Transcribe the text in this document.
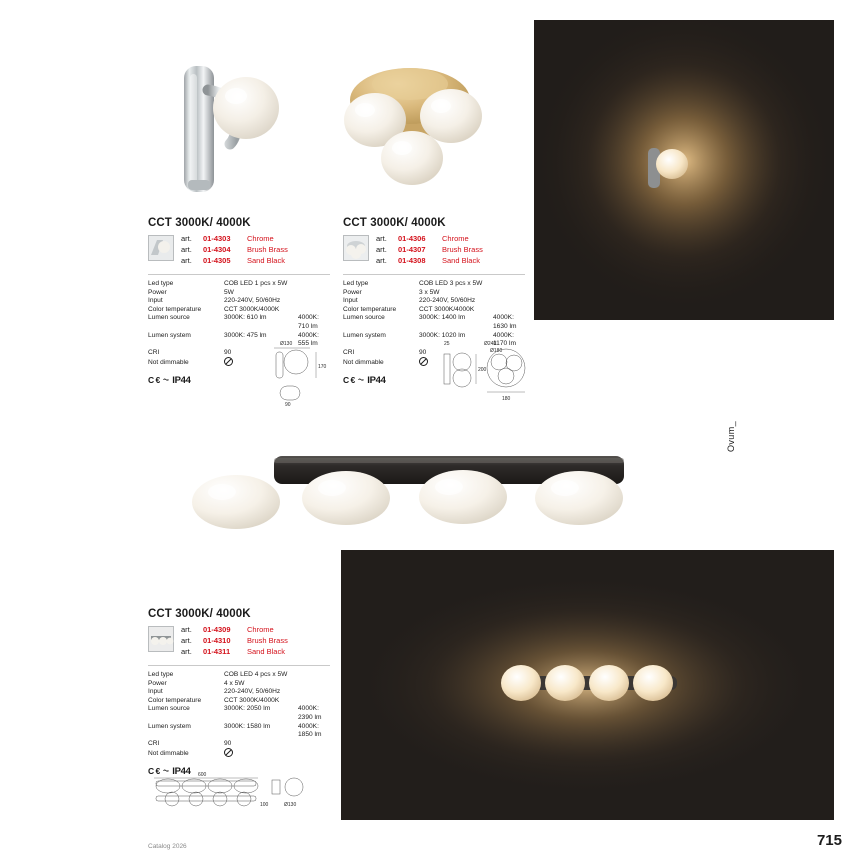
CCT 3000K/ 4000K
art.	01-4303	Chrome
art.	01-4304	Brush Brass
art.	01-4305	Sand Black
Led type	COB LED 1 pcs x 5W
Power	5W
Input	220-240V, 50/60Hz
Color temperature	CCT 3000K/4000K
Lumen source	3000K: 610 lm	4000K: 710 lm
Lumen system	3000K: 475 lm	4000K: 555 lm
CRI	90
Not dimmable
C € ⏦ IP44
Ø130
170
90
CCT 3000K/ 4000K
art.	01-4306	Chrome
art.	01-4307	Brush Brass
art.	01-4308	Sand Black
Led type	COB LED 3 pcs x 5W
Power	3 x 5W
Input	220-240V, 50/60Hz
Color temperature	CCT 3000K/4000K
Lumen source	3000K: 1400 lm	4000K: 1630 lm
Lumen system	3000K: 1020 lm	4000K: 1170 lm
CRI	90
Not dimmable
C € ⏦ IP44
25	Ø240
Ø180
200
180
Ovum_
CCT 3000K/ 4000K
art.	01-4309	Chrome
art.	01-4310	Brush Brass
art.	01-4311	Sand Black
Led type	COB LED 4 pcs x 5W
Power	4 x 5W
Input	220-240V, 50/60Hz
Color temperature	CCT 3000K/4000K
Lumen source	3000K: 2050 lm	4000K: 2390 lm
Lumen system	3000K: 1580 lm	4000K: 1850 lm
CRI	90
Not dimmable
C € ⏦ IP44 600
100	Ø130
Catalog 2026	715
